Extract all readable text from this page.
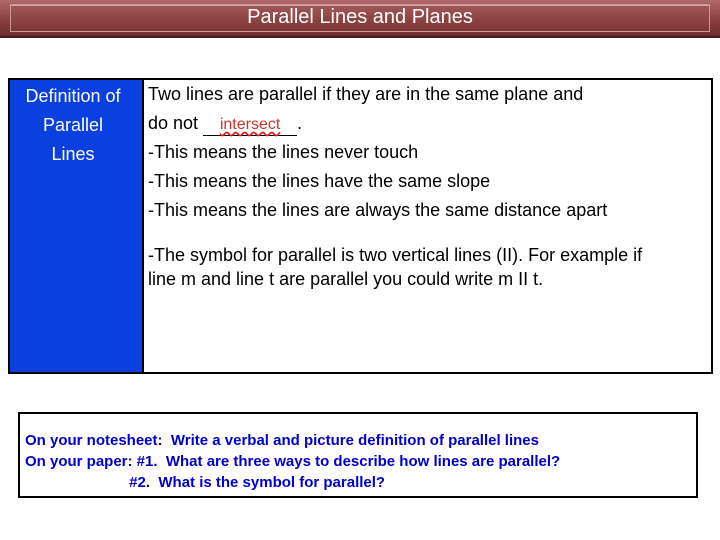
Parallel Lines and Planes
Definition of
Parallel
Lines

Two lines are parallel if they are in the same plane and

do not intersect .

-This means the lines never touch

-This means the lines have the same slope

-This means the lines are always the same distance apart

-The symbol for parallel is two vertical lines (II). For example if

line m and line t are parallel you could write m II t.

On your notesheet:  Write a verbal and picture definition of parallel lines

On your paper: #1.  What are three ways to describe how lines are parallel?

#2.  What is the symbol for parallel?
